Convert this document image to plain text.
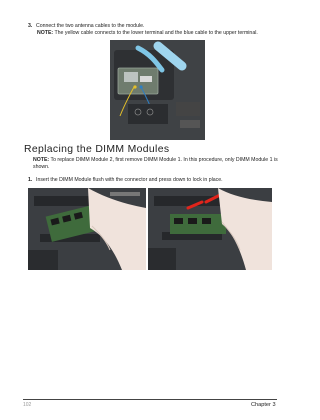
3. Connect the two antenna cables to the module.
NOTE: The yellow cable connects to the lower terminal and the blue cable to the upper terminal.
Replacing the DIMM Modules
NOTE: To replace DIMM Module 2, first remove DIMM Module 1. In this procedure, only DIMM Module 1 is shown.
1. Insert the DIMM Module flush with the connector and press down to lock in place.
102	Chapter 3
